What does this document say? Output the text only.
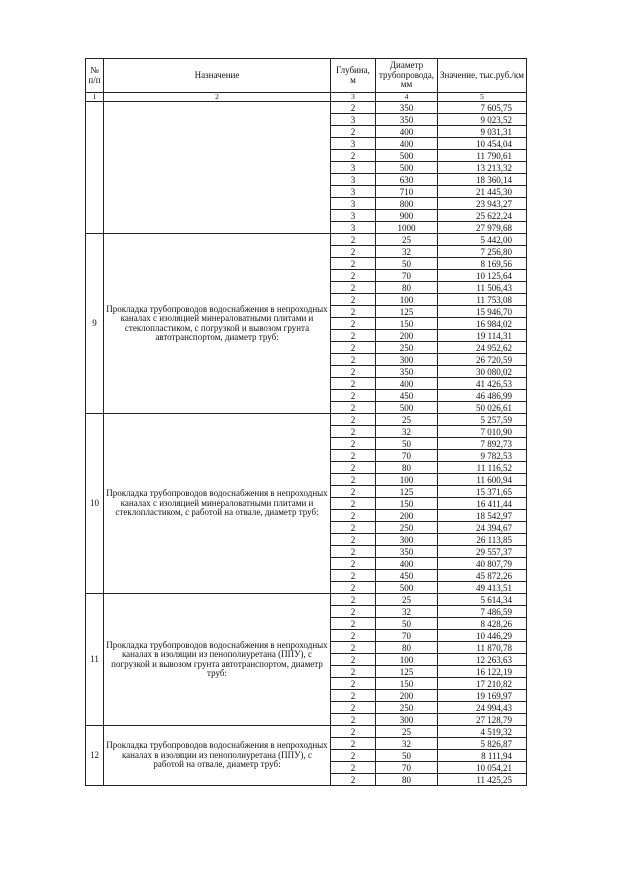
№ п/п	Назначение	Глубина, м	Диаметр трубопровода, мм	Значение, тыс.руб./км
1	2	3	4	5
		2	350	7 605,75
		3	350	9 023,52
		2	400	9 031,31
		3	400	10 454,04
		2	500	11 790,61
		3	500	13 213,32
		3	630	18 360,14
		3	710	21 445,30
		3	800	23 943,27
		3	900	25 622,24
		3	1000	27 979,68
9	Прокладка трубопроводов водоснабжения в непроходных каналах с изоляцией минераловатными плитами и стеклопластиком, с погрузкой и вывозом грунта автотранспортом, диаметр труб:	2	25	5 442,00
		2	32	7 256,80
		2	50	8 169,56
		2	70	10 125,64
		2	80	11 506,43
		2	100	11 753,08
		2	125	15 946,70
		2	150	16 984,02
		2	200	19 114,31
		2	250	24 952,62
		2	300	26 720,59
		2	350	30 080,02
		2	400	41 426,53
		2	450	46 486,99
		2	500	50 026,61
10	Прокладка трубопроводов водоснабжения в непроходных каналах с изоляцией минераловатными плитами и стеклопластиком, с работой на отвале, диаметр труб:	2	25	5 257,59
		2	32	7 010,90
		2	50	7 892,73
		2	70	9 782,53
		2	80	11 116,52
		2	100	11 600,94
		2	125	15 371,65
		2	150	16 411,44
		2	200	18 542,97
		2	250	24 394,67
		2	300	26 113,85
		2	350	29 557,37
		2	400	40 807,79
		2	450	45 872,26
		2	500	49 413,51
11	Прокладка трубопроводов водоснабжения в непроходных каналах в изоляции из пенополиуретана (ППУ), с погрузкой и вывозом грунта автотранспортом, диаметр труб:	2	25	5 614,34
		2	32	7 486,59
		2	50	8 428,26
		2	70	10 446,29
		2	80	11 870,78
		2	100	12 263,63
		2	125	16 122,19
		2	150	17 210,82
		2	200	19 169,97
		2	250	24 994,43
		2	300	27 128,79
12	Прокладка трубопроводов водоснабжения в непроходных каналах в изоляции из пенополиуретана (ППУ), с работой на отвале, диаметр труб:	2	25	4 519,32
		2	32	5 826,87
		2	50	8 111,94
		2	70	10 054,21
		2	80	11 425,25
